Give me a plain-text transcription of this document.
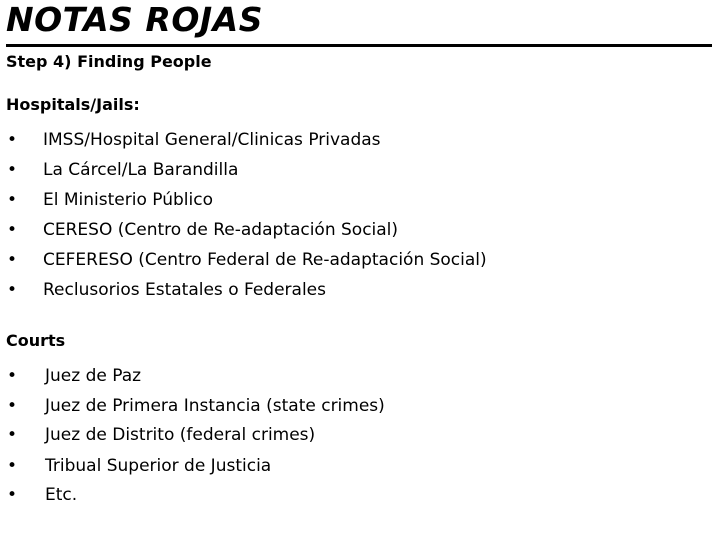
NOTAS ROJAS
Step 4) Finding People
Hospitals/Jails:
• IMSS/Hospital General/Clinicas Privadas
• La Cárcel/La Barandilla
• El Ministerio Público
• CERESO (Centro de Re-adaptación Social)
• CEFERESO (Centro Federal de Re-adaptación Social)
• Reclusorios Estatales o Federales
Courts
• Juez de Paz
• Juez de Primera Instancia (state crimes)
• Juez de Distrito (federal crimes)
• Tribual Superior de Justicia
• Etc.
